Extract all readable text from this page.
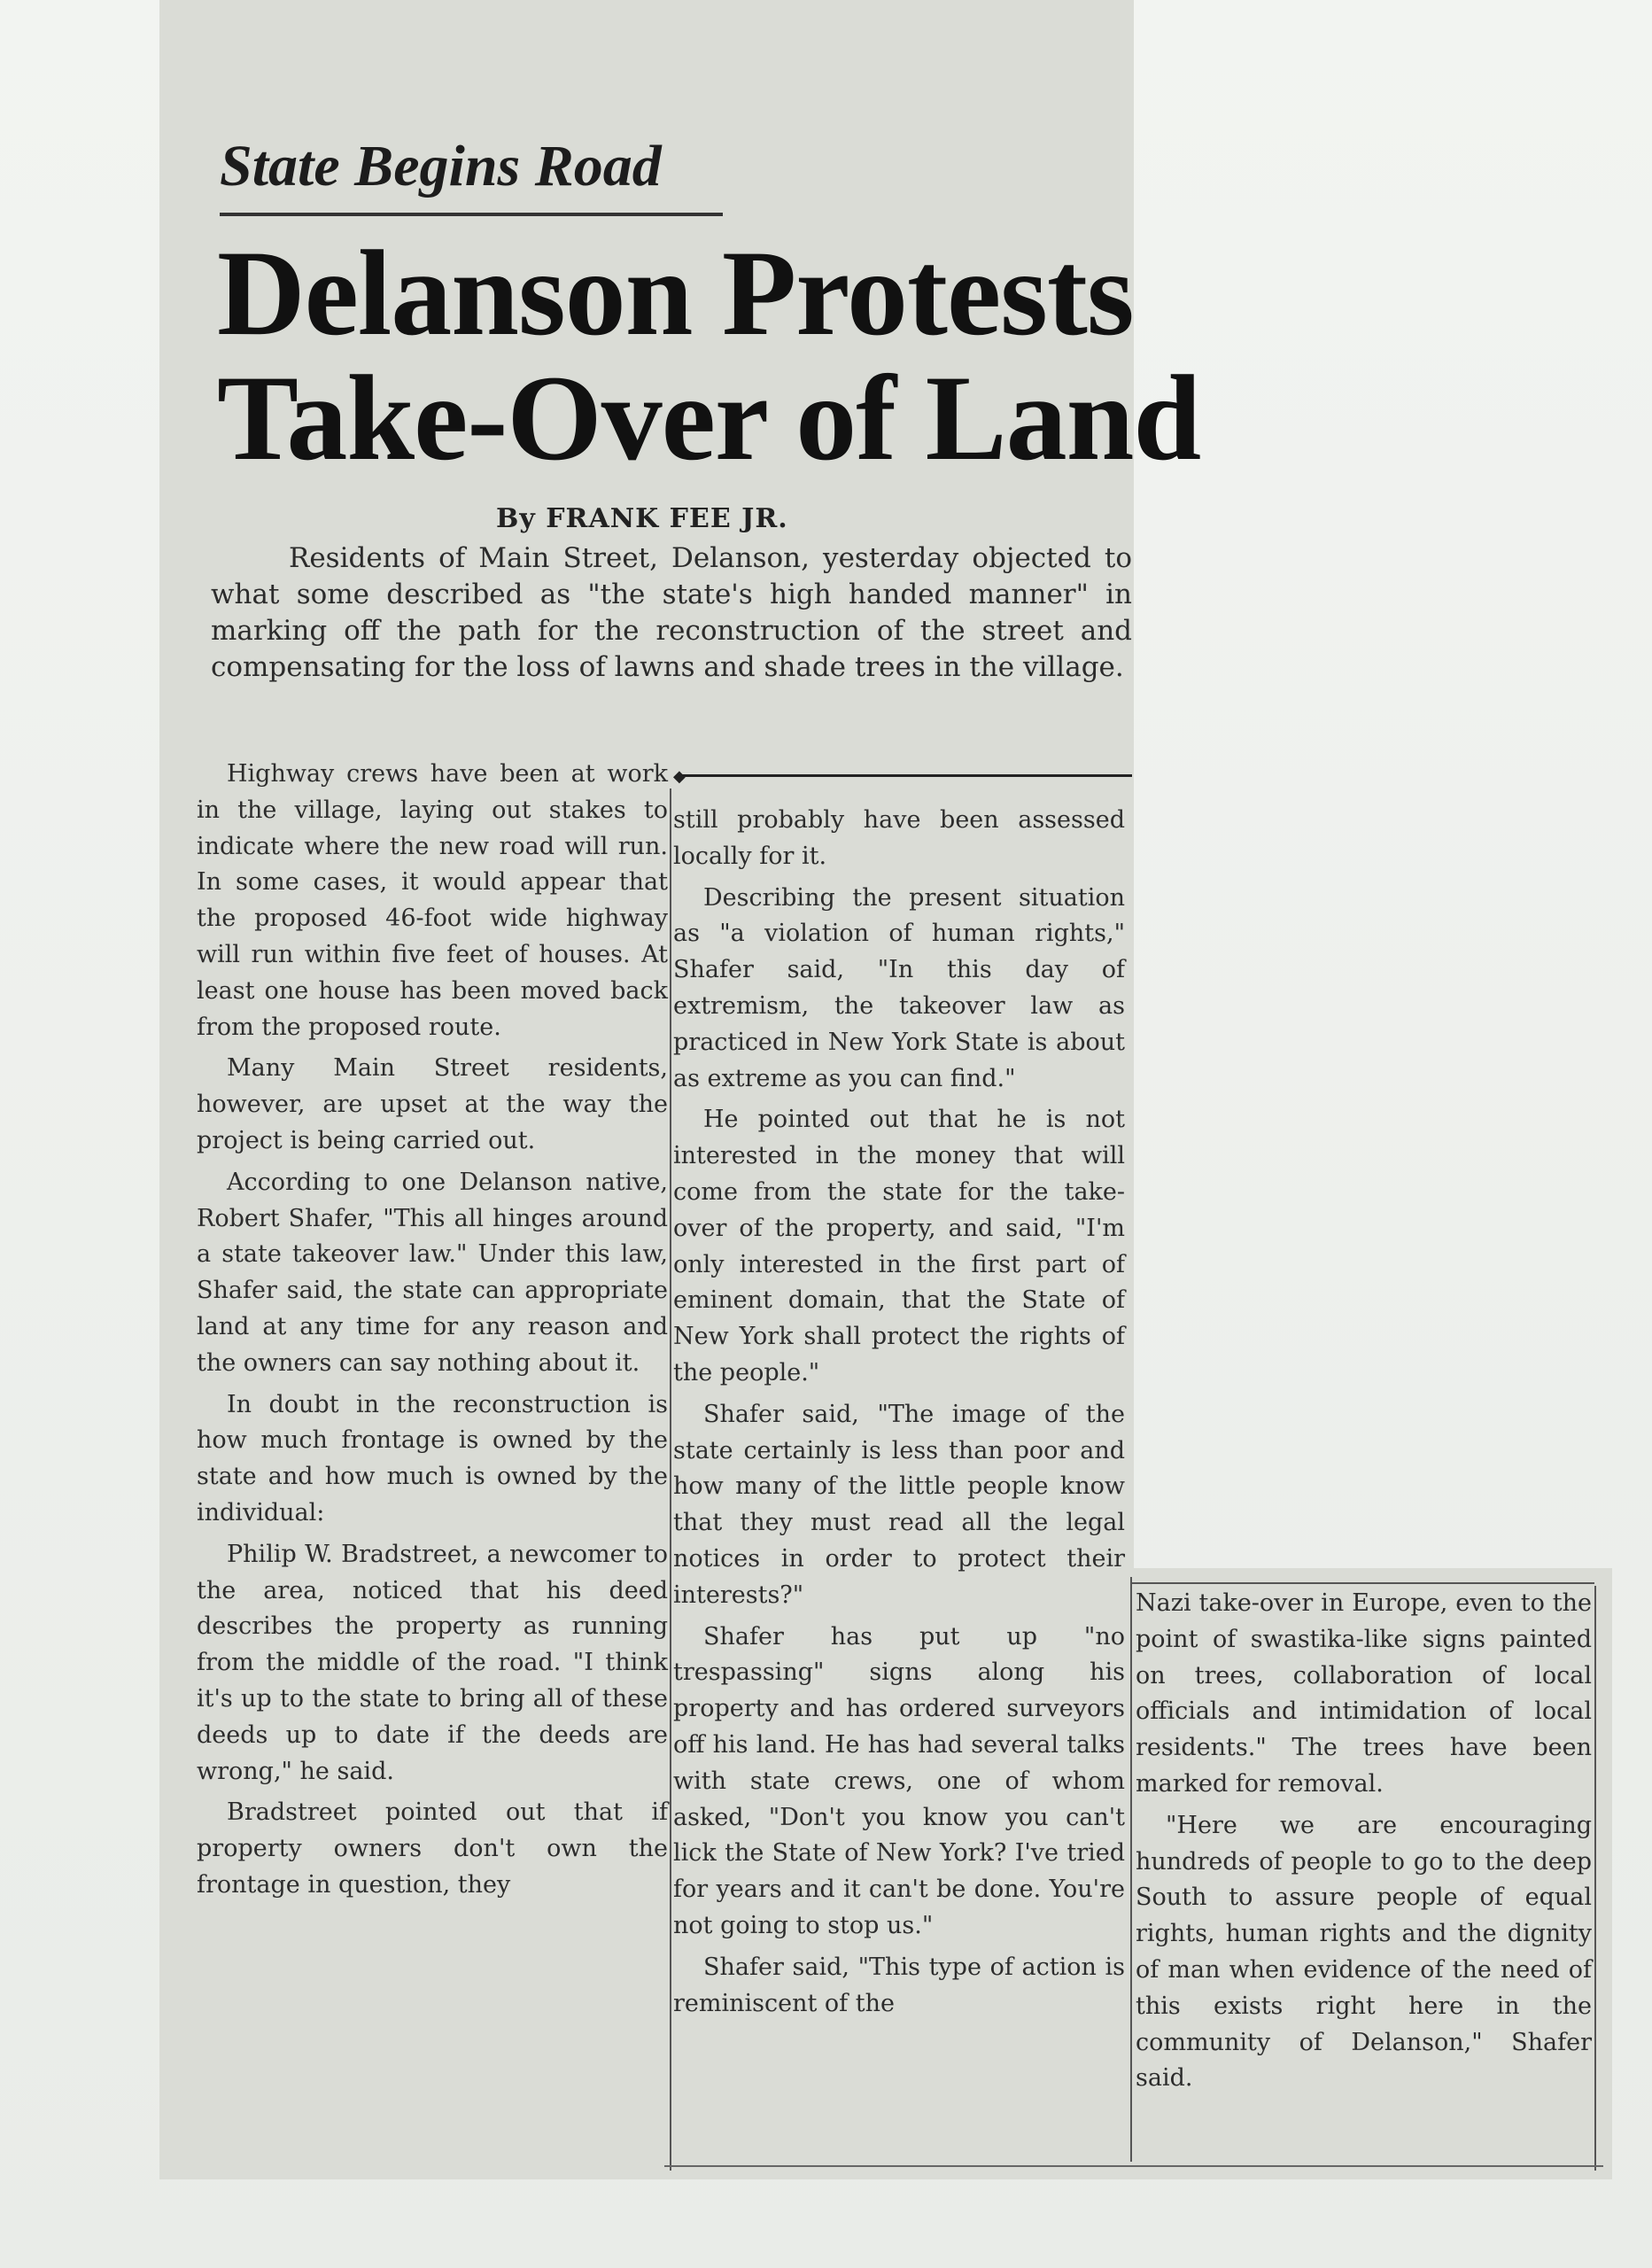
State Begins Road
Delanson Protests
Take-Over of Land
By FRANK FEE JR.

Residents of Main Street, Delanson, yesterday objected to what some described as "the state's high handed manner" in marking off the path for the reconstruction of the street and compensating for the loss of lawns and shade trees in the village.

◆

Highway crews have been at work in the village, laying out stakes to indicate where the new road will run. In some cases, it would appear that the proposed 46-foot wide highway will run within five feet of houses. At least one house has been moved back from the proposed route.

Many Main Street residents, however, are upset at the way the project is being carried out.

According to one Delanson native, Robert Shafer, "This all hinges around a state takeover law." Under this law, Shafer said, the state can appropriate land at any time for any reason and the owners can say nothing about it.

In doubt in the reconstruction is how much frontage is owned by the state and how much is owned by the individual:

Philip W. Bradstreet, a newcomer to the area, noticed that his deed describes the property as running from the middle of the road. "I think it's up to the state to bring all of these deeds up to date if the deeds are wrong," he said.

Bradstreet pointed out that if property owners don't own the frontage in question, they

still probably have been assessed locally for it.

Describing the present situation as "a violation of human rights," Shafer said, "In this day of extremism, the takeover law as practiced in New York State is about as extreme as you can find."

He pointed out that he is not interested in the money that will come from the state for the take-over of the property, and said, "I'm only interested in the first part of eminent domain, that the State of New York shall protect the rights of the people."

Shafer said, "The image of the state certainly is less than poor and how many of the little people know that they must read all the legal notices in order to protect their interests?"

Shafer has put up "no trespassing" signs along his property and has ordered surveyors off his land. He has had several talks with state crews, one of whom asked, "Don't you know you can't lick the State of New York? I've tried for years and it can't be done. You're not going to stop us."

Shafer said, "This type of action is reminiscent of the

Nazi take-over in Europe, even to the point of swastika-like signs painted on trees, collaboration of local officials and intimidation of local residents." The trees have been marked for removal.

"Here we are encouraging hundreds of people to go to the deep South to assure people of equal rights, human rights and the dignity of man when evidence of the need of this exists right here in the community of Delanson," Shafer said.
